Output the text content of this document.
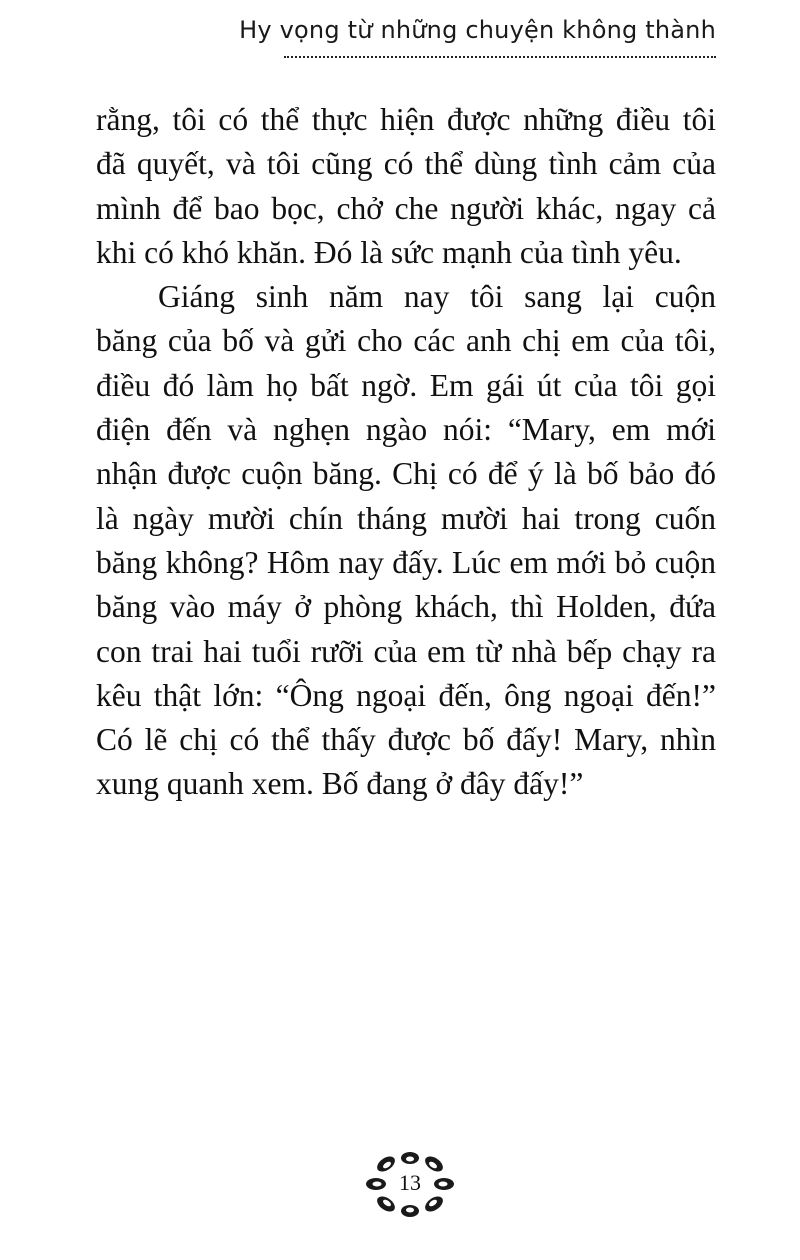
Hy vọng từ những chuyện không thành

rằng, tôi có thể thực hiện được những điều tôi
đã quyết, và tôi cũng có thể dùng tình cảm của
mình để bao bọc, chở che người khác, ngay cả
khi có khó khăn. Đó là sức mạnh của tình yêu.

Giáng sinh năm nay tôi sang lại cuộn
băng của bố và gửi cho các anh chị em của tôi,
điều đó làm họ bất ngờ. Em gái út của tôi gọi
điện đến và nghẹn ngào nói: “Mary, em mới
nhận được cuộn băng. Chị có để ý là bố bảo đó
là ngày mười chín tháng mười hai trong cuốn
băng không? Hôm nay đấy. Lúc em mới bỏ cuộn
băng vào máy ở phòng khách, thì Holden, đứa
con trai hai tuổi rưỡi của em từ nhà bếp chạy ra
kêu thật lớn: “Ông ngoại đến, ông ngoại đến!”
Có lẽ chị có thể thấy được bố đấy! Mary, nhìn
xung quanh xem. Bố đang ở đây đấy!”

13
